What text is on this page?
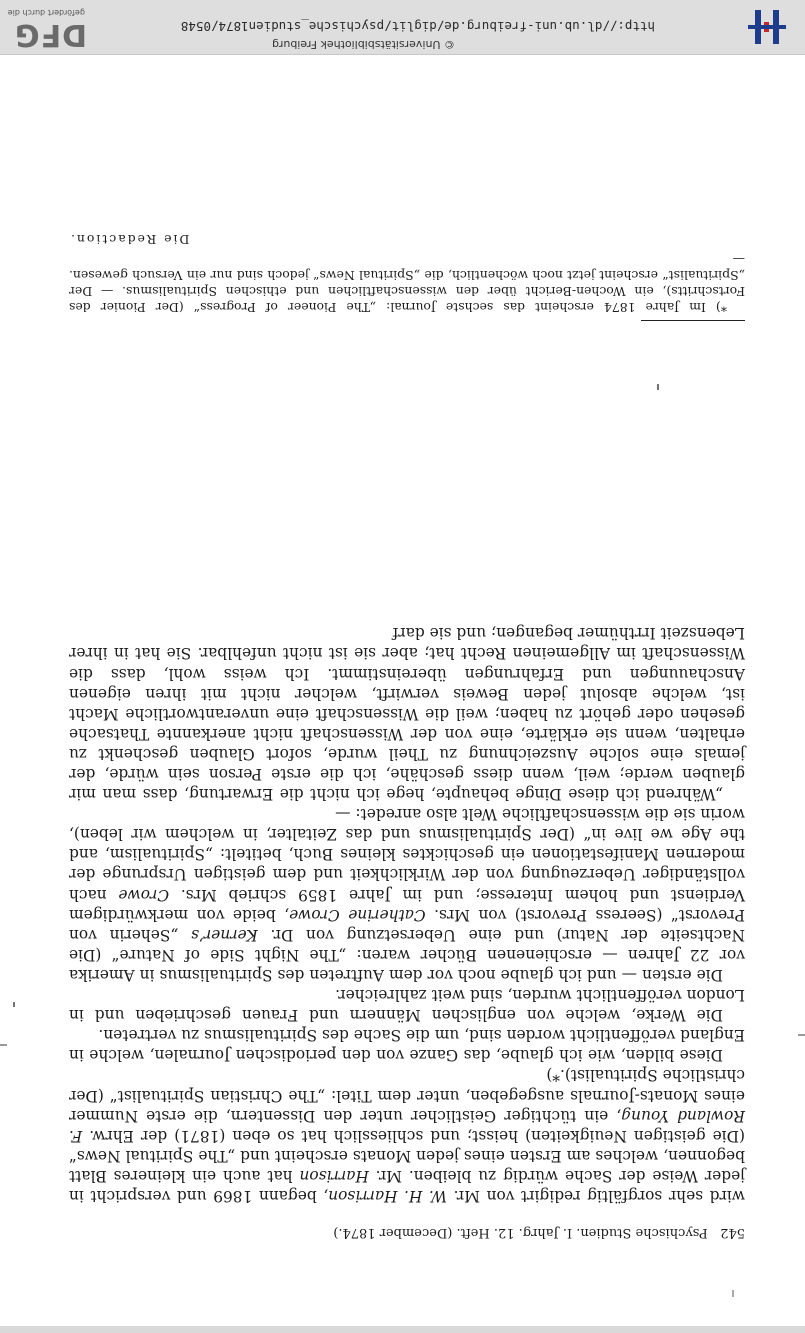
542   Psychische Studien. I. Jahrg. 12. Heft. (December 1874.)

wird sehr sorgfältig redigirt von Mr. W. H. Harrison, begann 1869 und verspricht in jeder Weise der Sache würdig zu bleiben. Mr. Harrison hat auch ein kleineres Blatt begonnen, welches am Ersten eines jeden Monats erscheint und „The Spiritual News“ (Die geistigen Neuigkeiten) heisst; und schliesslich hat so eben (1871) der Ehrw. F. Rowland Young, ein tüchtiger Geistlicher unter den Dissentern, die erste Nummer eines Monats-Journals ausgegeben, unter dem Titel: „The Christian Spiritualist“ (Der christliche Spiritualist).*)

Diese bilden, wie ich glaube, das Ganze von den periodischen Journalen, welche in England veröffentlicht worden sind, um die Sache des Spiritualismus zu vertreten.

Die Werke, welche von englischen Männern und Frauen geschrieben und in London veröffentlicht wurden, sind weit zahlreicher.

Die ersten — und ich glaube noch vor dem Auftreten des Spiritualismus in Amerika vor 22 Jahren — erschienenen Bücher waren: „The Night Side of Nature“ (Die Nachtseite der Natur) und eine Uebersetzung von Dr. Kerner’s „Seherin von Prevorst“ (Seeress Prevorst) von Mrs. Catherine Crowe, beide von merkwürdigem Verdienst und hohem Interesse; und im Jahre 1859 schrieb Mrs. Crowe nach vollständiger Ueberzeugung von der Wirklichkeit und dem geistigen Ursprunge der modernen Manifestationen ein geschicktes kleines Buch, betitelt: „Spiritualism, and the Age we live in“ (Der Spiritualismus und das Zeitalter, in welchem wir leben), worin sie die wissenschaftliche Welt also anredet: —

„Während ich diese Dinge behaupte, hege ich nicht die Erwartung, dass man mir glauben werde; weil, wenn diess geschähe, ich die erste Person sein würde, der jemals eine solche Auszeichnung zu Theil wurde, sofort Glauben geschenkt zu erhalten, wenn sie erklärte, eine von der Wissenschaft nicht anerkannte Thatsache gesehen oder gehört zu haben; weil die Wissenschaft eine unverantwortliche Macht ist, welche absolut jeden Beweis verwirft, welcher nicht mit ihren eigenen Anschauungen und Erfahrungen übereinstimmt. Ich weiss wohl, dass die Wissenschaft im Allgemeinen Recht hat; aber sie ist nicht unfehlbar. Sie hat in ihrer Lebenszeit Irrthümer begangen; und sie darf

*) Im Jahre 1874 erscheint das sechste Journal: „The Pioneer of Progress“ (Der Pionier des Fortschritts), ein Wochen-Bericht über den wissenschaftlichen und ethischen Spiritualismus. — Der „Spiritualist“ erscheint jetzt noch wöchentlich, die „Spiritual News“ jedoch sind nur ein Versuch gewesen. —

Die Redaction.
http://dl.ub.uni-freiburg.de/diglit/psychische_studien1874/0548
© Universitätsbibliothek Freiburg
DFG
gefördert durch die
